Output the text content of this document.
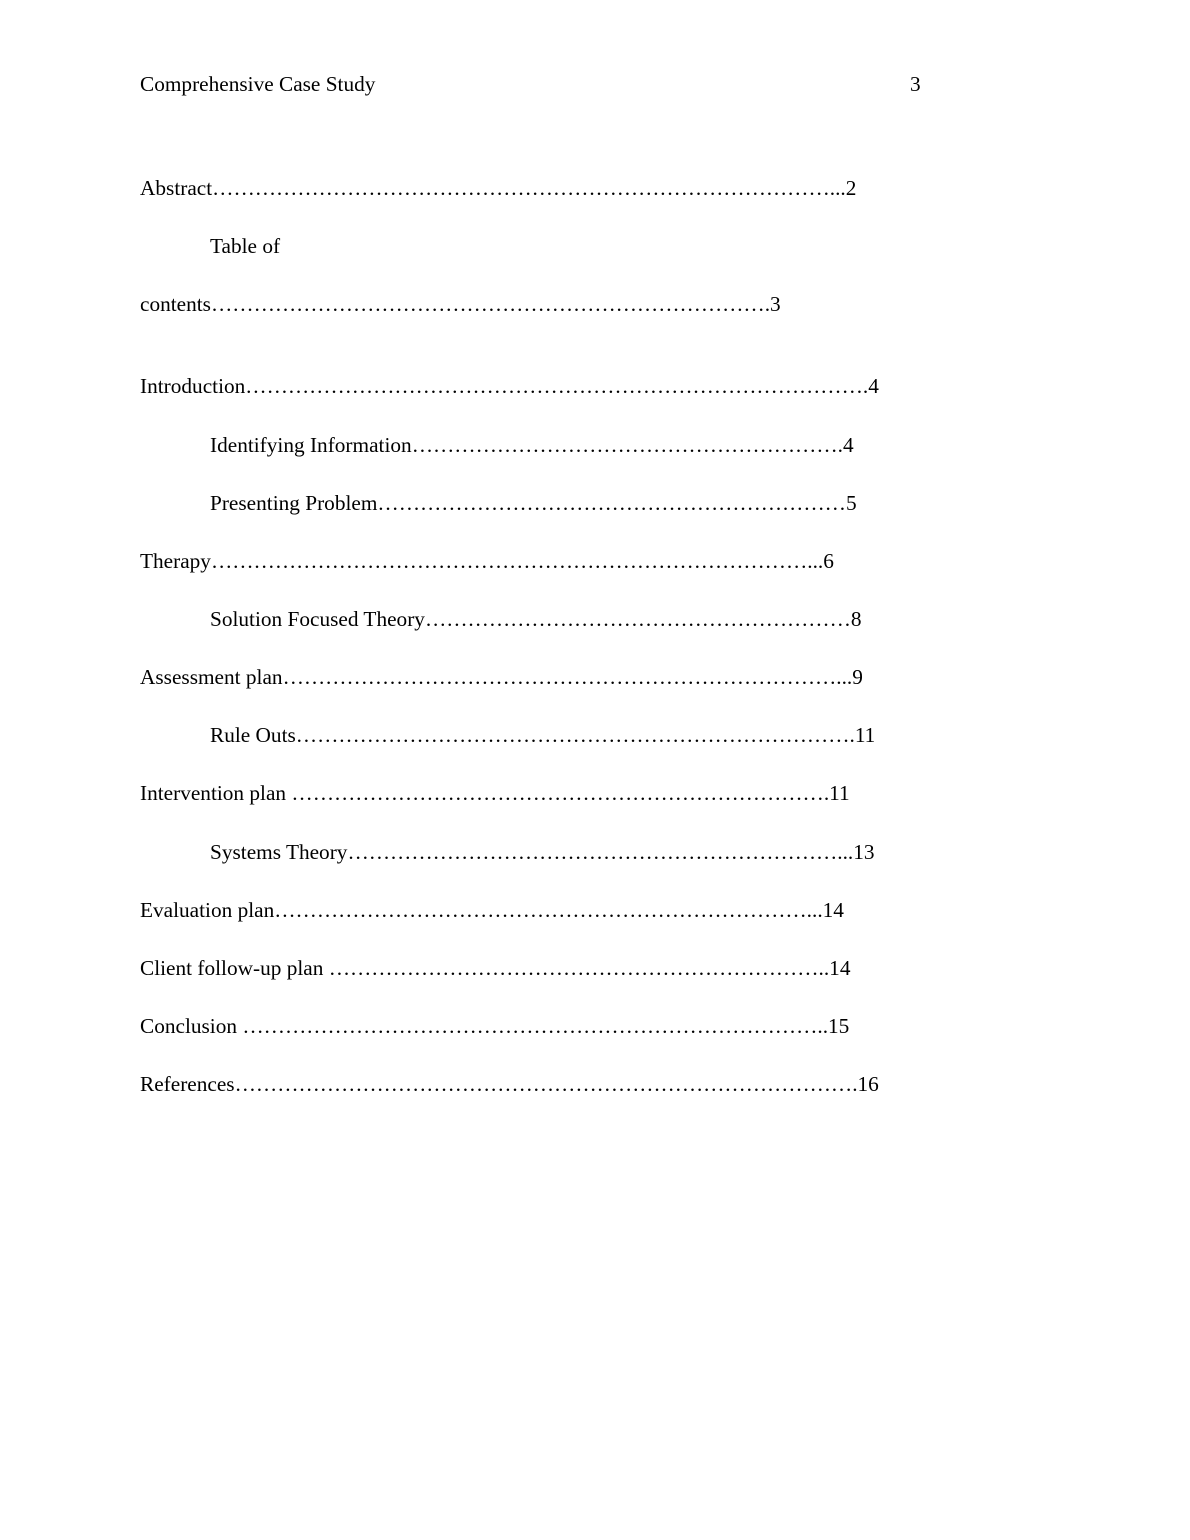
Comprehensive Case Study	3
Abstract……………………………………………………………………………...2
Table of
contents…………………………………………………………………….3
Introduction…………………………………………………………………………….4
Identifying Information…………………………………………………….4
Presenting Problem…………………………………………………………5
Therapy…………………………………………………………………………...6
Solution Focused Theory……………………………………………………8
Assessment plan……………………………………………………………………...9
Rule Outs…………………………………………………………………….11
Intervention plan ………………………………………………………………….11
Systems Theory……………………………………………………………...13
Evaluation plan…………………………………………………………………...14
Client follow-up plan ……………………………………………………………..14
Conclusion ………………………………………………………………………..15
References…………………………………………………………………………….16
